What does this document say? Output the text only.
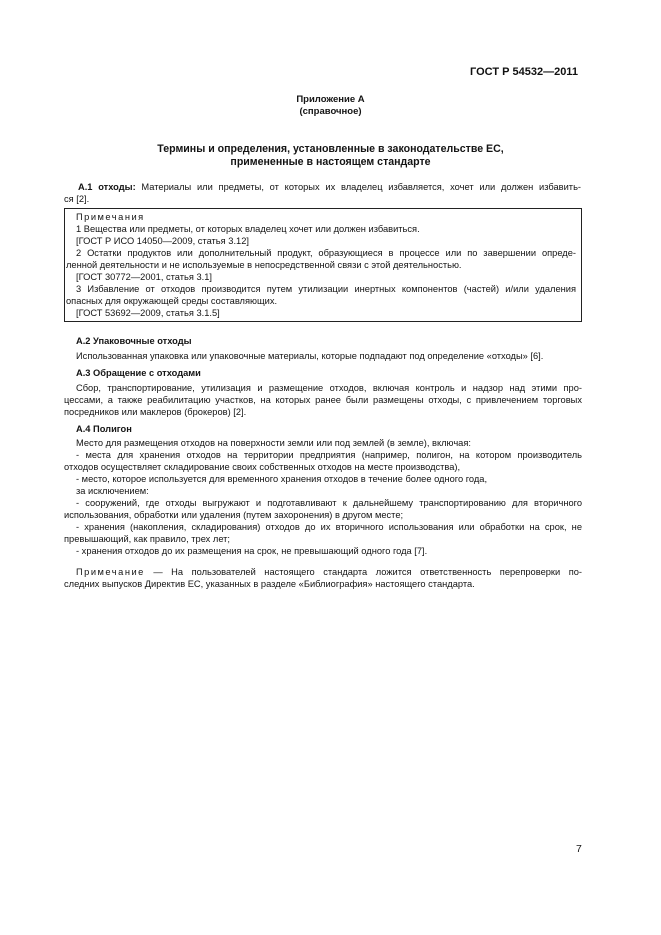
ГОСТ Р 54532—2011
Приложение А
(справочное)
Термины и определения, установленные в законодательстве ЕС,
примененные в настоящем стандарте
А.1 отходы: Материалы или предметы, от которых их владелец избавляется, хочет или должен избавить-
ся [2].
Примечания
1 Вещества или предметы, от которых владелец хочет или должен избавиться.
[ГОСТ Р ИСО 14050—2009, статья 3.12]
2 Остатки продуктов или дополнительный продукт, образующиеся в процессе или по завершении опреде-
ленной деятельности и не используемые в непосредственной связи с этой деятельностью.
[ГОСТ 30772—2001, статья 3.1]
3 Избавление от отходов производится путем утилизации инертных компонентов (частей) и/или удаления
опасных для окружающей среды составляющих.
[ГОСТ 53692—2009, статья 3.1.5]
А.2 Упаковочные отходы
Использованная упаковка или упаковочные материалы, которые подпадают под определение «отходы» [6].
А.3 Обращение с отходами
Сбор, транспортирование, утилизация и размещение отходов, включая контроль и надзор над этими про-
цессами, а также реабилитацию участков, на которых ранее были размещены отходы, с привлечением торговых
посредников или маклеров (брокеров) [2].
А.4 Полигон
Место для размещения отходов на поверхности земли или под землей (в земле), включая:
- места для хранения отходов на территории предприятия (например, полигон, на котором производитель
отходов осуществляет складирование своих собственных отходов на месте производства),
- место, которое используется для временного хранения отходов в течение более одного года,
за исключением:
- сооружений, где отходы выгружают и подготавливают к дальнейшему транспортированию для вторичного
использования, обработки или удаления (путем захоронения) в другом месте;
- хранения (накопления, складирования) отходов до их вторичного использования или обработки на срок, не
превышающий, как правило, трех лет;
- хранения отходов до их размещения на срок, не превышающий одного года [7].
Примечание — На пользователей настоящего стандарта ложится ответственность перепроверки по-
следних выпусков Директив ЕС, указанных в разделе «Библиография» настоящего стандарта.
7
